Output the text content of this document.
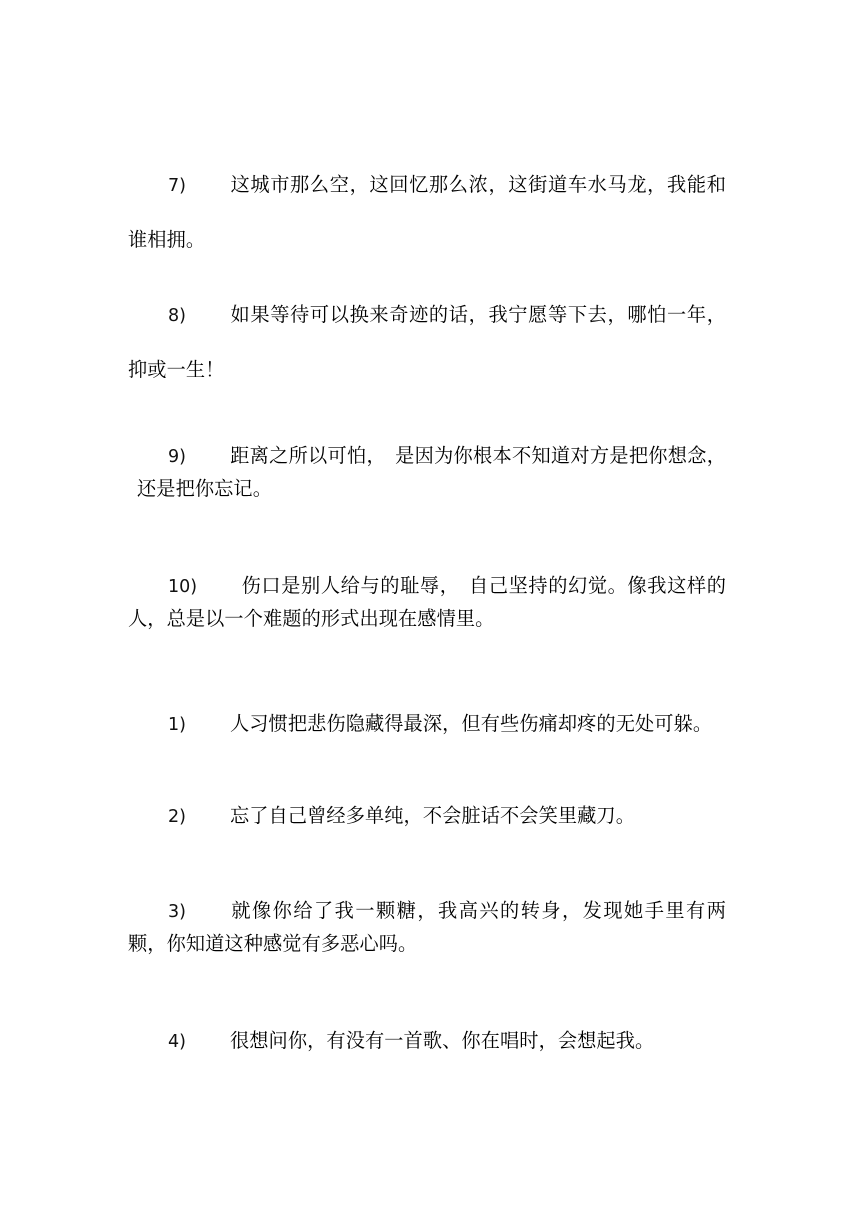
7) 这城市那么空，这回忆那么浓，这街道车水马龙，我能和谁相拥。
8) 如果等待可以换来奇迹的话，我宁愿等下去，哪怕一年，抑或一生！
9) 距离之所以可怕， 是因为你根本不知道对方是把你想念，还是把你忘记。
10) 伤口是别人给与的耻辱， 自己坚持的幻觉。像我这样的人，总是以一个难题的形式出现在感情里。
1) 人习惯把悲伤隐藏得最深，但有些伤痛却疼的无处可躲。
2) 忘了自己曾经多单纯，不会脏话不会笑里藏刀。
3) 就像你给了我一颗糖，我高兴的转身，发现她手里有两颗，你知道这种感觉有多恶心吗。
4) 很想问你，有没有一首歌、你在唱时，会想起我。
